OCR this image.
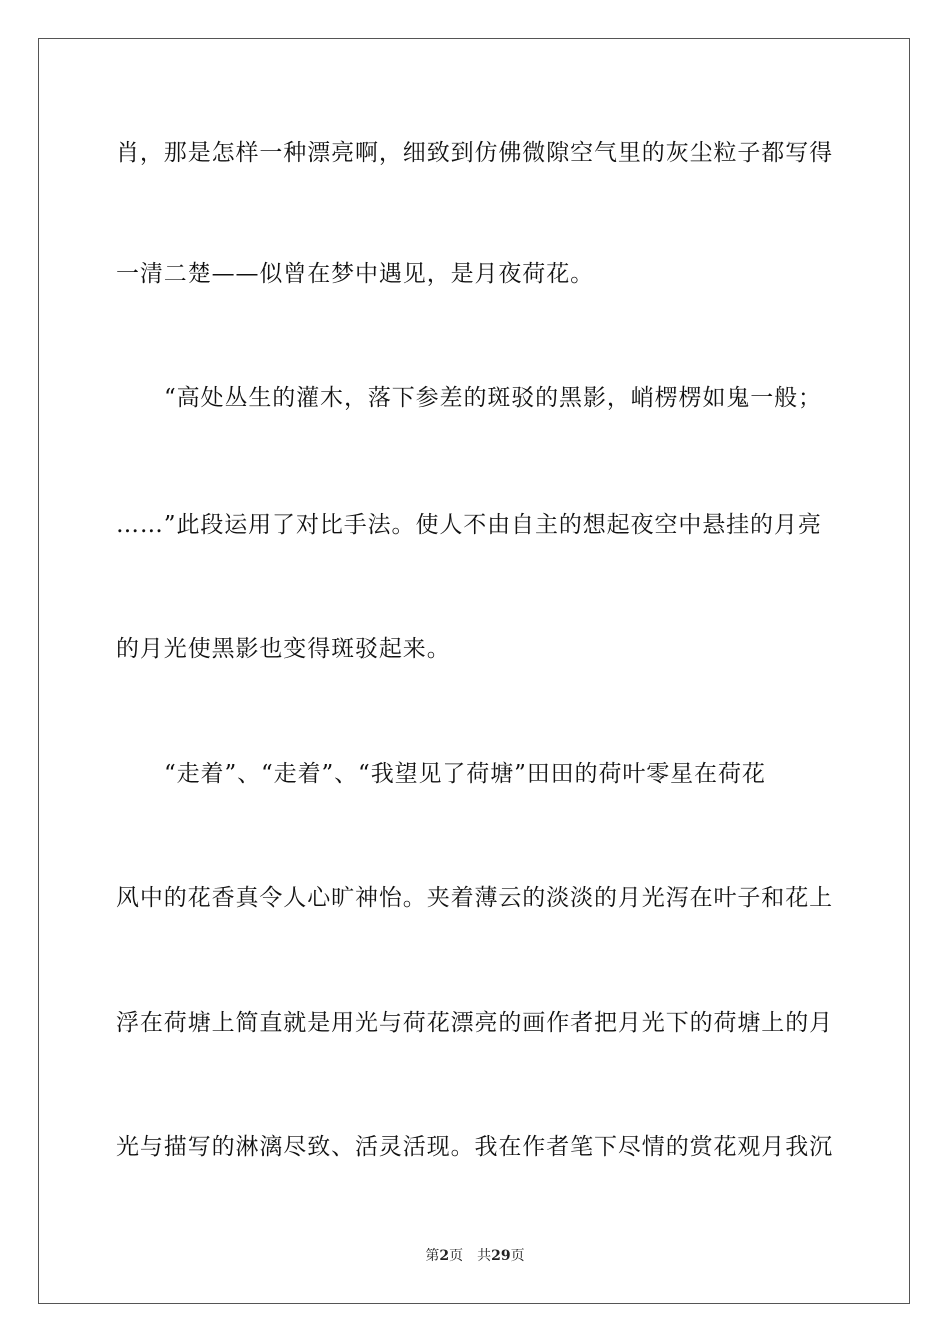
肖，那是怎样一种漂亮啊，细致到仿佛微隙空气里的灰尘粒子都写得
一清二楚——似曾在梦中遇见，是月夜荷花。
“高处丛生的灌木，落下参差的斑驳的黑影，峭楞楞如鬼一般；
……”此段运用了对比手法。使人不由自主的想起夜空中悬挂的月亮
的月光使黑影也变得斑驳起来。
“走着”、“走着”、“我望见了荷塘”田田的荷叶零星在荷花
风中的花香真令人心旷神怡。夹着薄云的淡淡的月光泻在叶子和花上
浮在荷塘上简直就是用光与荷花漂亮的画作者把月光下的荷塘上的月
光与描写的淋漓尽致、活灵活现。我在作者笔下尽情的赏花观月我沉
第2页 共29页
